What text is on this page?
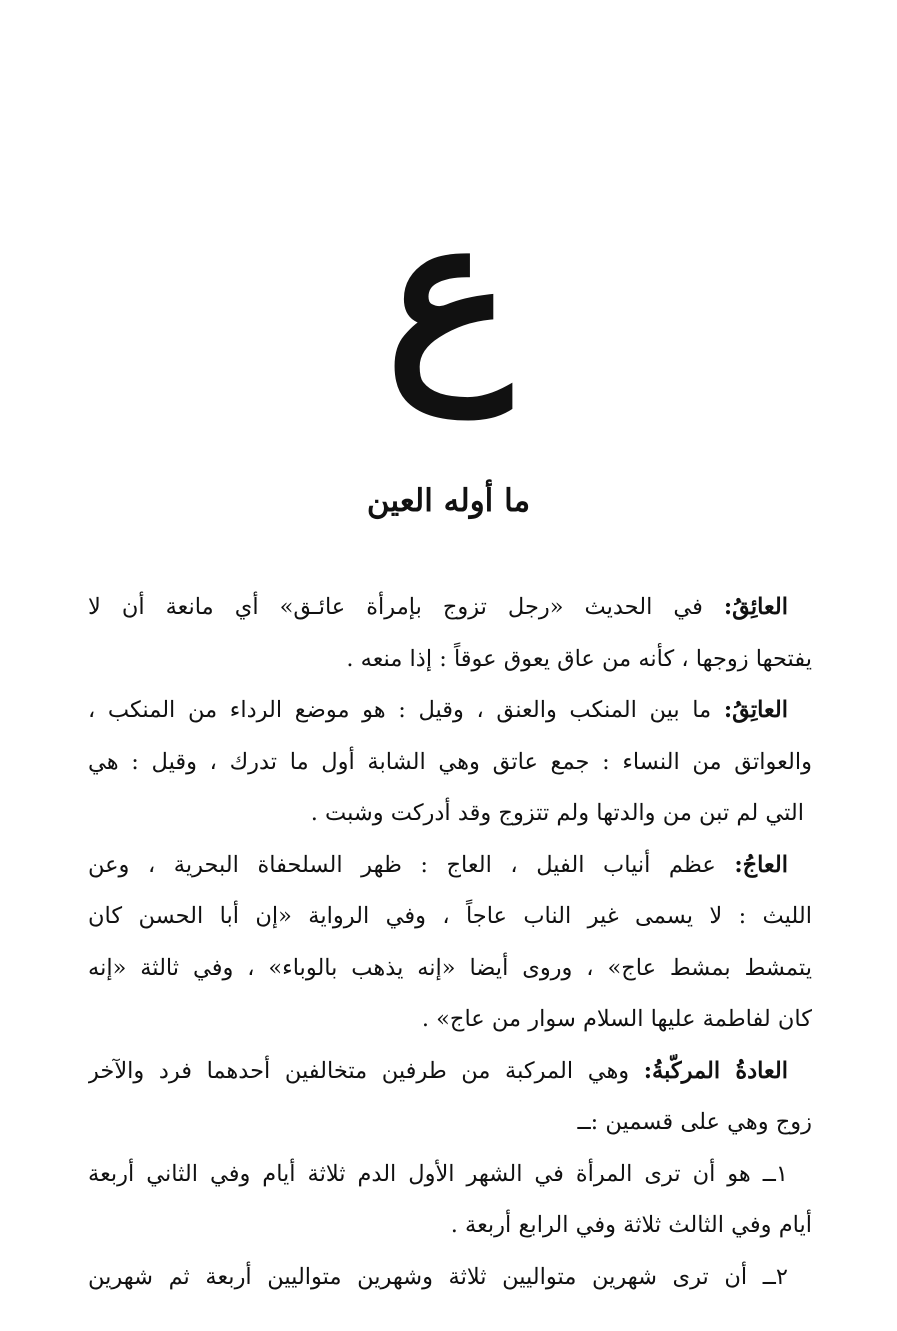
ع
ما أوله العين
العائِقُ: في الحديث «رجل تزوج بإمرأة عائـق» أي مانعة أن لا
يفتحها زوجها ، كأنه من عاق يعوق عوقاً : إذا منعه .
العاتِقُ: ما بين المنكب والعنق ، وقيل : هو موضع الرداء من المنكب ،
والعواتق من النساء : جمع عاتق وهي الشابة أول ما تدرك ، وقيل : هي
التي لم تبن من والدتها ولم تتزوج وقد أدركت وشبت .
العاجُ: عظم أنياب الفيل ، العاج : ظهر السلحفاة البحرية ، وعن
الليث : لا يسمى غير الناب عاجاً ، وفي الرواية «إن أبا الحسن كان
يتمشط بمشط عاج» ، وروى أيضا «إنه يذهب بالوباء» ، وفي ثالثة «إنه
كان لفاطمة عليها السلام سوار من عاج» .
العادةُ المركّبةُ: وهي المركبة من طرفين متخالفين أحدهما فرد والآخر
زوج وهي على قسمين :ــ
١ــ هو أن ترى المرأة في الشهر الأول الدم ثلاثة أيام وفي الثاني أربعة
أيام وفي الثالث ثلاثة وفي الرابع أربعة .
٢ــ أن ترى شهرين متواليين ثلاثة وشهرين متواليين أربعة ثم شهرين
